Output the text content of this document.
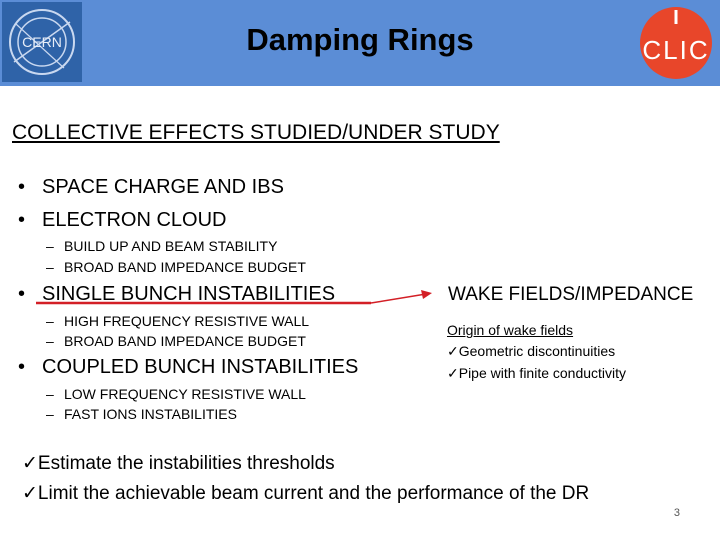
CERN	Damping Rings	CLIC
COLLECTIVE EFFECTS STUDIED/UNDER STUDY
• SPACE CHARGE AND IBS
• ELECTRON CLOUD
– BUILD UP AND BEAM STABILITY
– BROAD BAND IMPEDANCE BUDGET
• SINGLE BUNCH INSTABILITIES	WAKE FIELDS/IMPEDANCE
– HIGH FREQUENCY RESISTIVE WALL
– BROAD BAND IMPEDANCE BUDGET
Origin of wake fields
✓Geometric discontinuities
✓Pipe with finite conductivity
• COUPLED BUNCH INSTABILITIES
– LOW FREQUENCY RESISTIVE WALL
– FAST IONS INSTABILITIES
✓Estimate the instabilities thresholds
✓Limit the achievable beam current and the performance of the DR
3
